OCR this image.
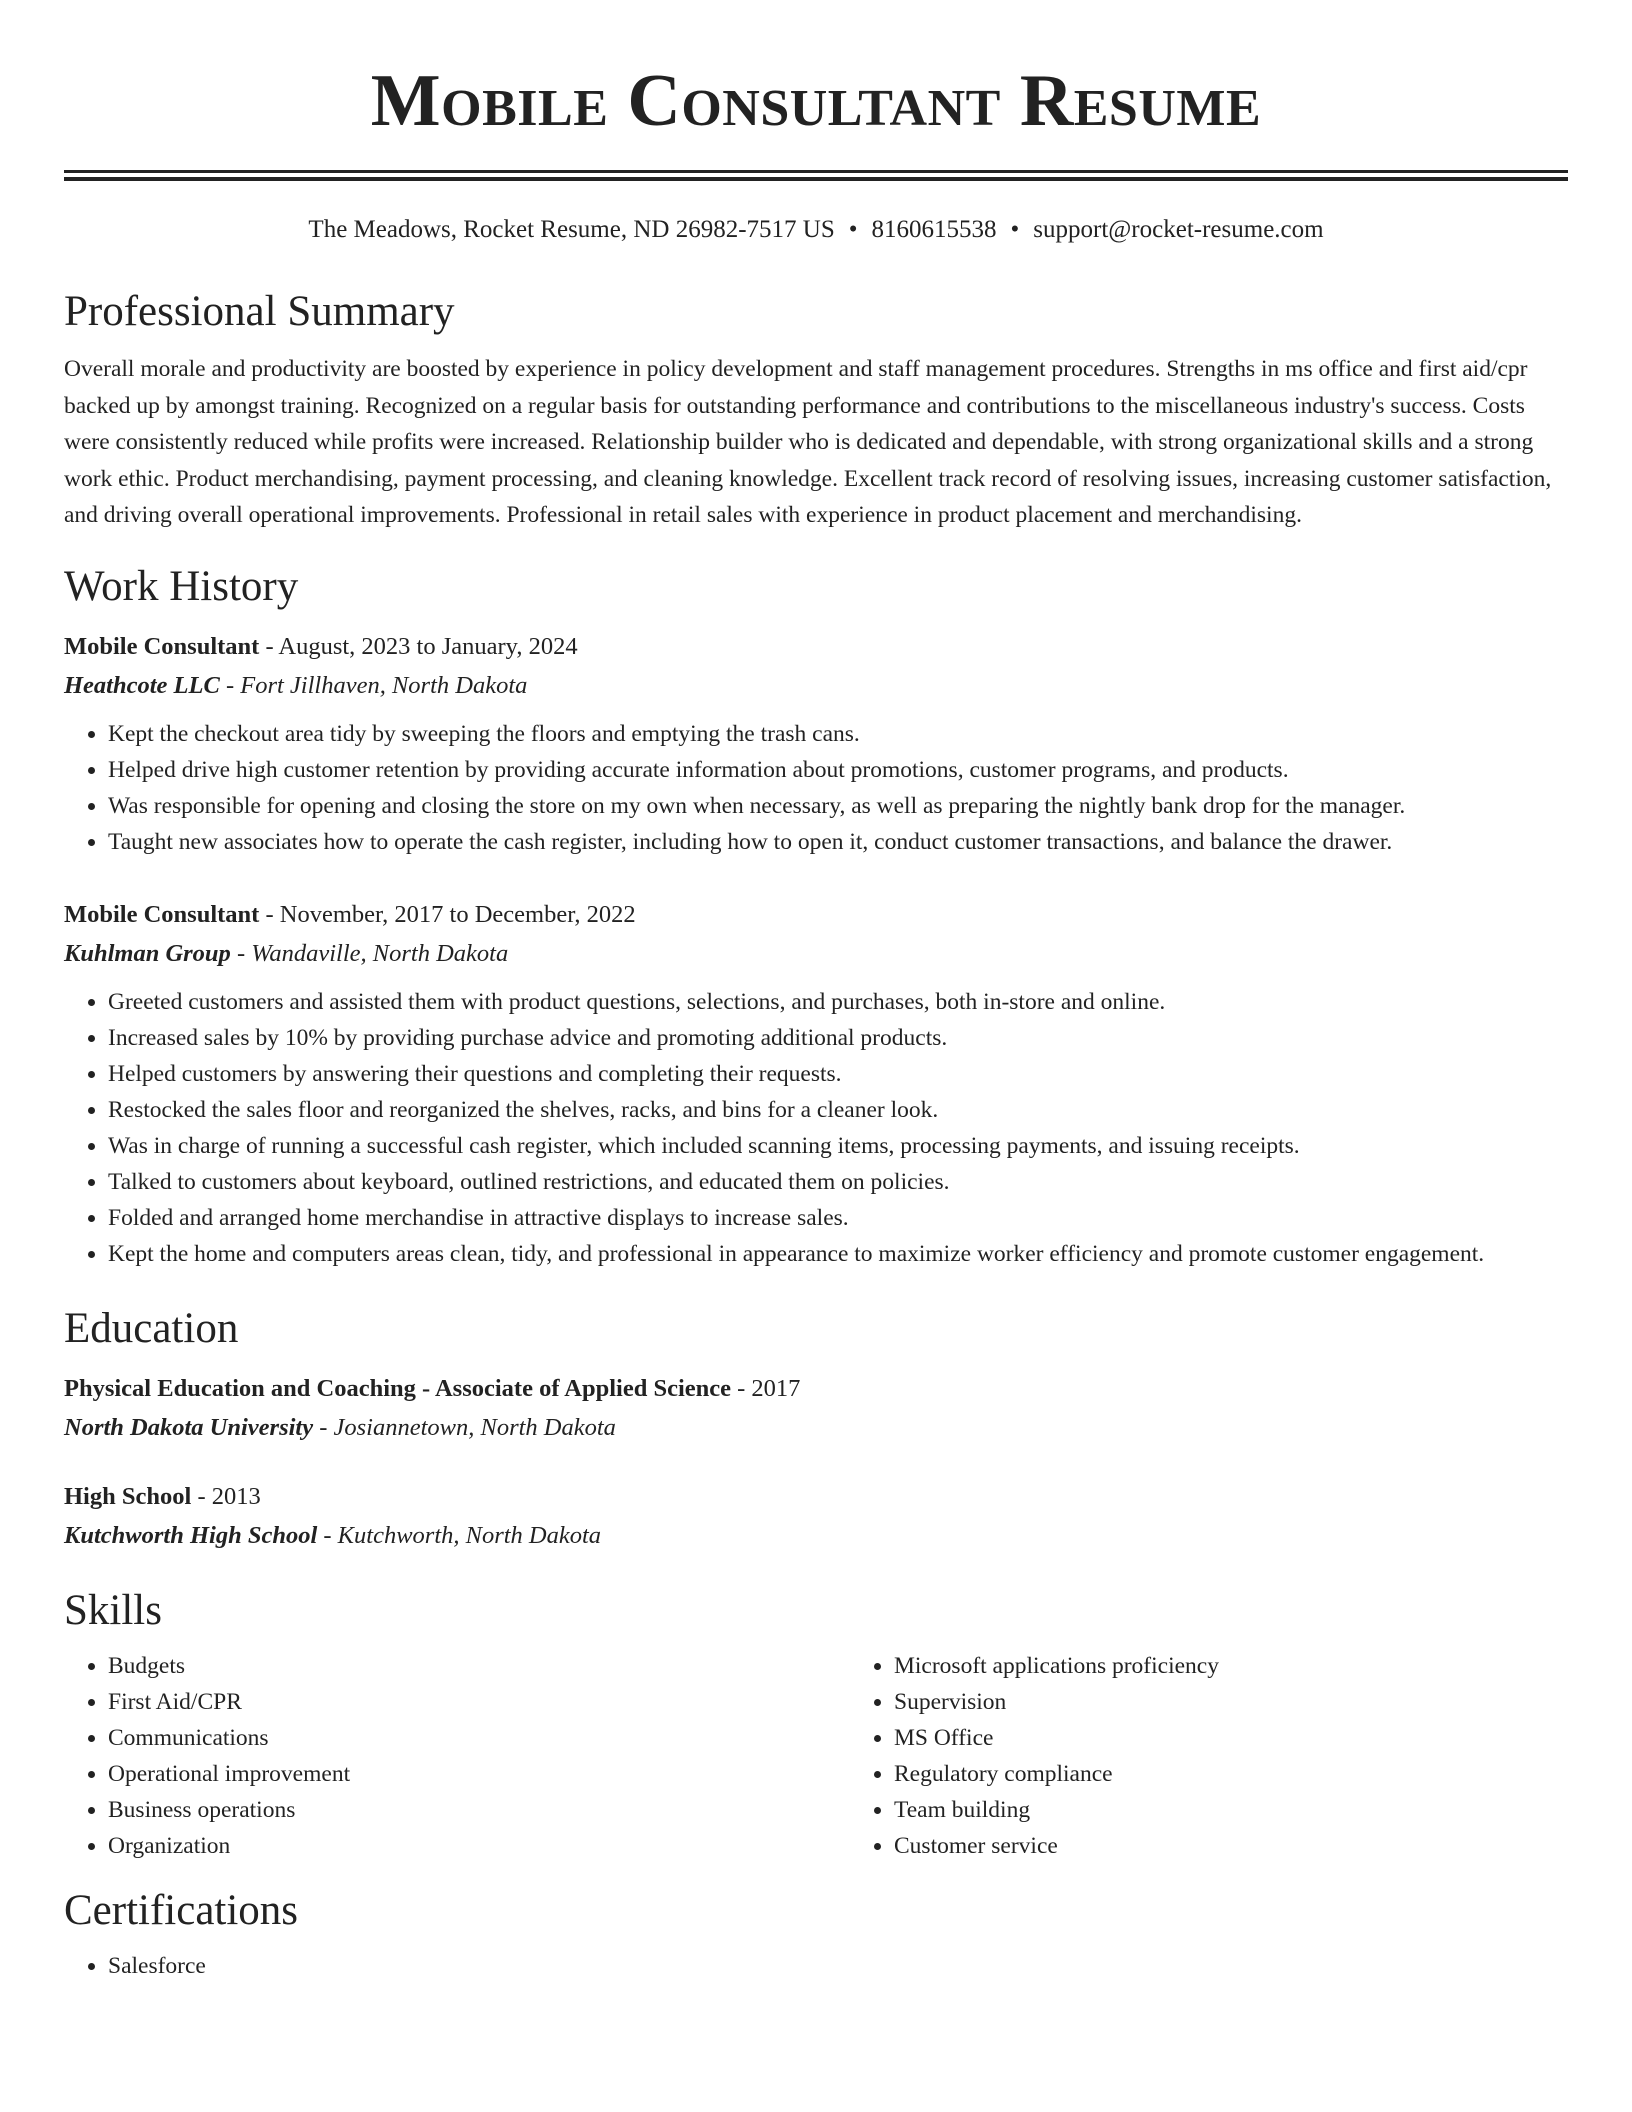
Mobile Consultant Resume
The Meadows, Rocket Resume, ND 26982-7517 US • 8160615538 • support@rocket-resume.com
Professional Summary

Overall morale and productivity are boosted by experience in policy development and staff management procedures. Strengths in ms office and first aid/cpr backed up by amongst training. Recognized on a regular basis for outstanding performance and contributions to the miscellaneous industry's success. Costs were consistently reduced while profits were increased. Relationship builder who is dedicated and dependable, with strong organizational skills and a strong work ethic. Product merchandising, payment processing, and cleaning knowledge. Excellent track record of resolving issues, increasing customer satisfaction, and driving overall operational improvements. Professional in retail sales with experience in product placement and merchandising.

Work History
Mobile Consultant - August, 2023 to January, 2024
Heathcote LLC - Fort Jillhaven, North Dakota
• Kept the checkout area tidy by sweeping the floors and emptying the trash cans.
• Helped drive high customer retention by providing accurate information about promotions, customer programs, and products.
• Was responsible for opening and closing the store on my own when necessary, as well as preparing the nightly bank drop for the manager.
• Taught new associates how to operate the cash register, including how to open it, conduct customer transactions, and balance the drawer.
Mobile Consultant - November, 2017 to December, 2022
Kuhlman Group - Wandaville, North Dakota
• Greeted customers and assisted them with product questions, selections, and purchases, both in-store and online.
• Increased sales by 10% by providing purchase advice and promoting additional products.
• Helped customers by answering their questions and completing their requests.
• Restocked the sales floor and reorganized the shelves, racks, and bins for a cleaner look.
• Was in charge of running a successful cash register, which included scanning items, processing payments, and issuing receipts.
• Talked to customers about keyboard, outlined restrictions, and educated them on policies.
• Folded and arranged home merchandise in attractive displays to increase sales.
• Kept the home and computers areas clean, tidy, and professional in appearance to maximize worker efficiency and promote customer engagement.
Education
Physical Education and Coaching - Associate of Applied Science - 2017
North Dakota University - Josiannetown, North Dakota
High School - 2013
Kutchworth High School - Kutchworth, North Dakota
Skills
• Budgets
• First Aid/CPR
• Communications
• Operational improvement
• Business operations
• Organization
• Microsoft applications proficiency
• Supervision
• MS Office
• Regulatory compliance
• Team building
• Customer service
Certifications
• Salesforce
